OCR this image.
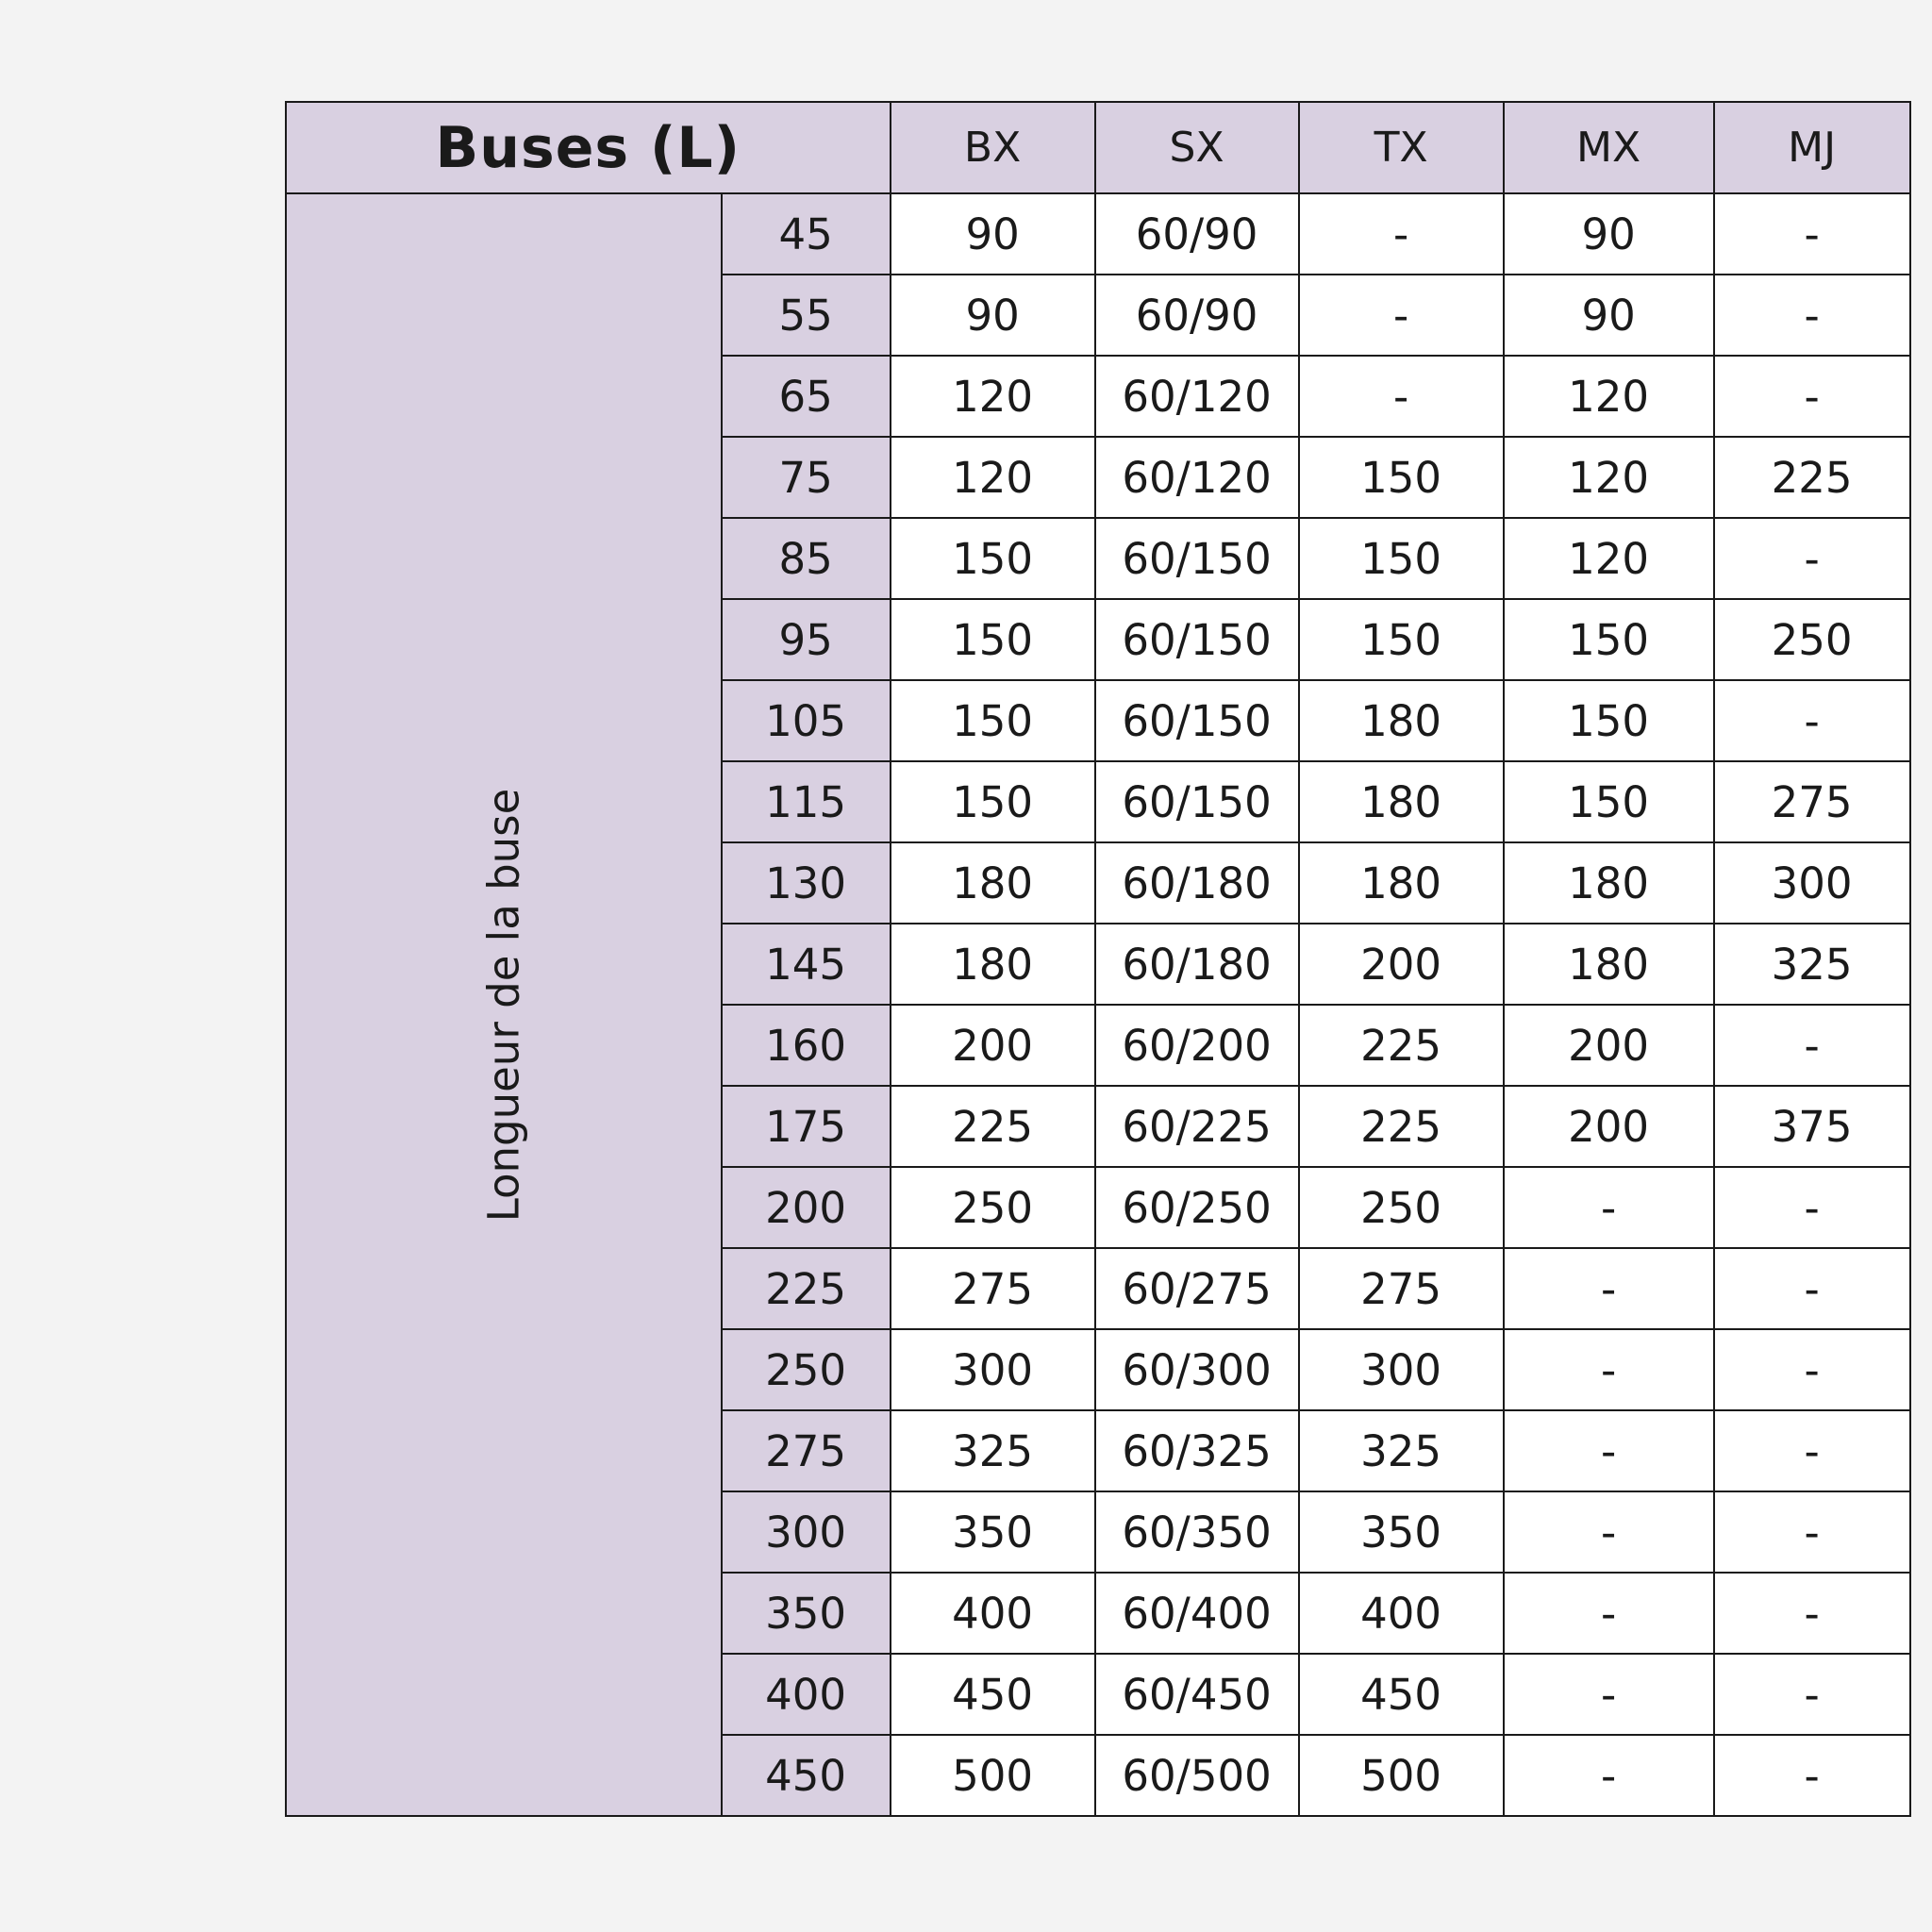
Buses (L)		BX	SX	TX	MX	MJ
Longueur de la buse	45	90	60/90	-	90	-
	55	90	60/90	-	90	-
	65	120	60/120	-	120	-
	75	120	60/120	150	120	225
	85	150	60/150	150	120	-
	95	150	60/150	150	150	250
	105	150	60/150	180	150	-
	115	150	60/150	180	150	275
	130	180	60/180	180	180	300
	145	180	60/180	200	180	325
	160	200	60/200	225	200	-
	175	225	60/225	225	200	375
	200	250	60/250	250	-	-
	225	275	60/275	275	-	-
	250	300	60/300	300	-	-
	275	325	60/325	325	-	-
	300	350	60/350	350	-	-
	350	400	60/400	400	-	-
	400	450	60/450	450	-	-
	450	500	60/500	500	-	-
